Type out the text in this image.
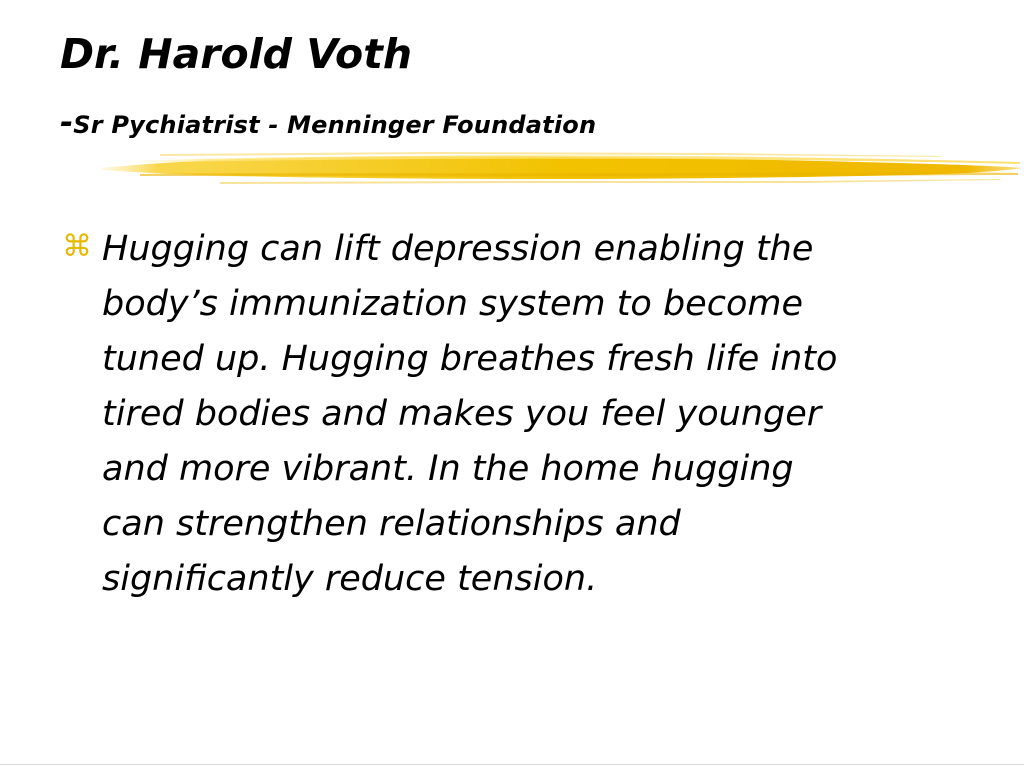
Dr. Harold Voth
-Sr Pychiatrist - Menninger Foundation
⌘ Hugging can lift depression enabling the
body’s immunization system to become
tuned up. Hugging breathes fresh life into
tired bodies and makes you feel younger
and more vibrant. In the home hugging
can strengthen relationships and
significantly reduce tension.
